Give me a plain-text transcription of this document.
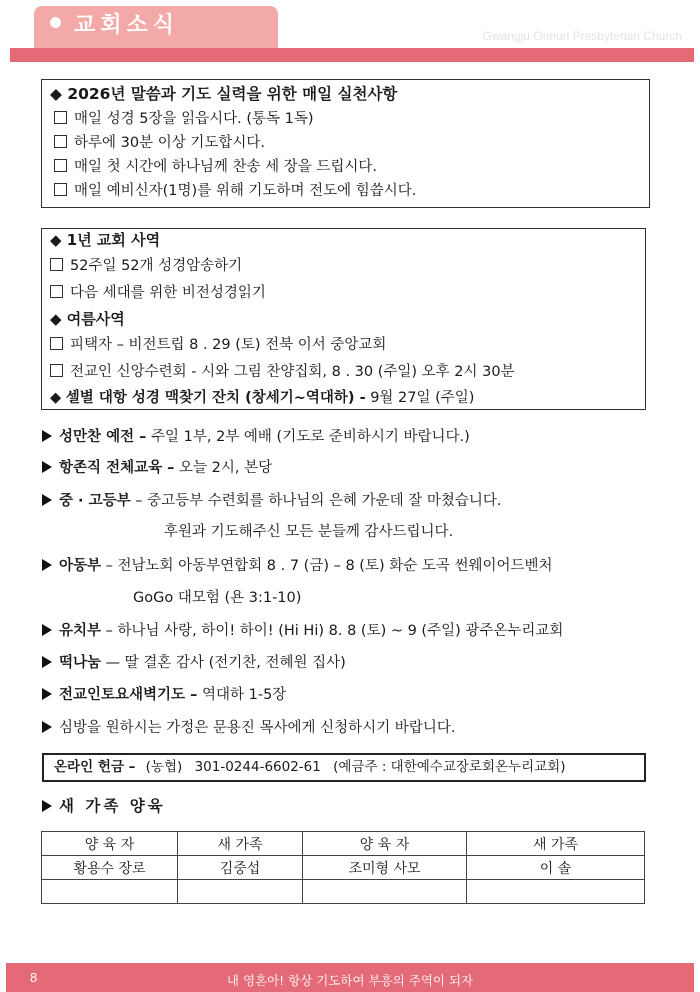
교회소식	Gwangju Onnuri Presbyterian Church
◆ 2026년 말씀과 기도 실력을 위한 매일 실천사항
매일 성경 5장을 읽읍시다. (통독 1독)
하루에 30분 이상 기도합시다.
매일 첫 시간에 하나님께 찬송 세 장을 드립시다.
매일 예비신자(1명)를 위해 기도하며 전도에 힘씁시다.
◆ 1년 교회 사역
52주일 52개 성경암송하기
다음 세대를 위한 비전성경읽기
◆ 여름사역
피택자 – 비전트립 8 . 29 (토) 전북 이서 중앙교회
전교인 신앙수련회 - 시와 그림 찬양집회, 8 . 30 (주일) 오후 2시 30분
◆ 셀별 대항 성경 맥찾기 잔치 (창세기~역대하) - 9월 27일 (주일)
성만찬 예전 – 주일 1부, 2부 예배 (기도로 준비하시기 바랍니다.)
항존직 전체교육 – 오늘 2시, 본당
중 · 고등부 – 중고등부 수련회를 하나님의 은혜 가운데 잘 마쳤습니다.
후원과 기도해주신 모든 분들께 감사드립니다.
아동부 – 전남노회 아동부연합회 8 . 7 (금) – 8 (토) 화순 도곡 썬웨이어드벤처
GoGo 대모험 (욘 3:1-10)
유치부 – 하나님 사랑, 하이! 하이! (Hi Hi) 8. 8 (토) ~ 9 (주일) 광주온누리교회
떡나눔 — 딸 결혼 감사 (전기찬, 전혜원 집사)
전교인토요새벽기도 – 역대하 1-5장
심방을 원하시는 가정은 문용진 목사에게 신청하시기 바랍니다.
온라인 헌금 – (농협) 301-0244-6602-61 (예금주 : 대한예수교장로회온누리교회)
새 가족 양육
양 육 자	새 가족	양 육 자	새 가족
황용수 장로	김중섭	조미형 사모	이 솔

8	내 영혼아! 항상 기도하여 부흥의 주역이 되자
